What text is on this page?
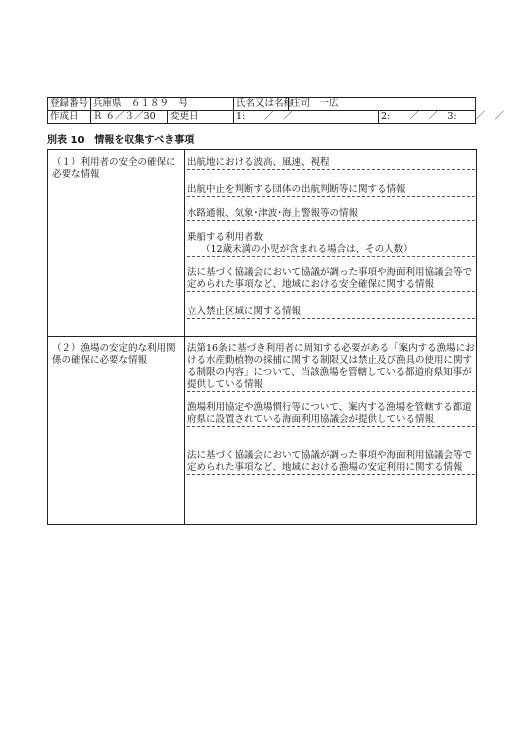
登録番号	兵庫県　６１８９　号		氏名又は名称	庄司　一広	
作成日	Ｒ ６／３／30	変更日	1:　　／　／		2:　　／　／　 3:　　／　／
別表 10　情報を収集すべき事項
（１）利用者の安全の確保に必要な情報
出航地における波高、風速、視程
出航中止を判断する団体の出航判断等に関する情報
水路通報、気象･津波･海上警報等の情報
乗船する利用者数
（12歳未満の小児が含まれる場合は、その人数）
法に基づく協議会において協議が調った事項や海面利用協議会等で定められた事項など、地域における安全確保に関する情報
立入禁止区域に関する情報
（２）漁場の安定的な利用関係の確保に必要な情報
法第16条に基づき利用者に周知する必要がある「案内する漁場における水産動植物の採捕に関する制限又は禁止及び漁具の使用に関する制限の内容」について、当該漁場を管轄している都道府県知事が提供している情報
漁場利用協定や漁場慣行等について、案内する漁場を管轄する都道府県に設置されている海面利用協議会が提供している情報
法に基づく協議会において協議が調った事項や海面利用協議会等で定められた事項など、地域における漁場の安定利用に関する情報
